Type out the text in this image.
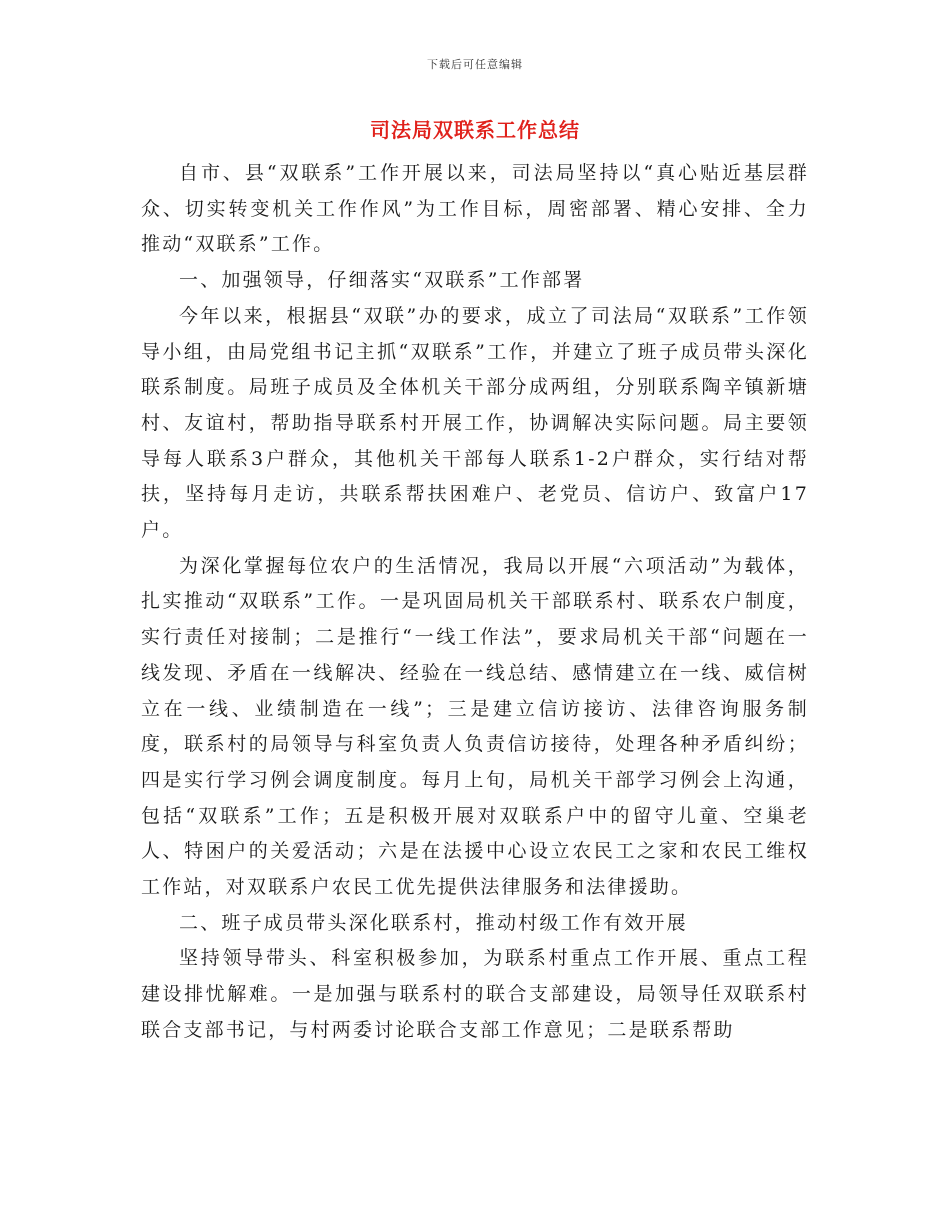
下载后可任意编辑
司法局双联系工作总结

自市、县“双联系”工作开展以来，司法局坚持以“真心贴近基层群众、切实转变机关工作作风”为工作目标，周密部署、精心安排、全力推动“双联系”工作。

一、加强领导，仔细落实“双联系”工作部署

今年以来，根据县“双联”办的要求，成立了司法局“双联系”工作领导小组，由局党组书记主抓“双联系”工作，并建立了班子成员带头深化联系制度。局班子成员及全体机关干部分成两组，分别联系陶辛镇新塘村、友谊村，帮助指导联系村开展工作，协调解决实际问题。局主要领导每人联系3户群众，其他机关干部每人联系1-2户群众，实行结对帮扶，坚持每月走访，共联系帮扶困难户、老党员、信访户、致富户17户。

为深化掌握每位农户的生活情况，我局以开展“六项活动”为载体，扎实推动“双联系”工作。一是巩固局机关干部联系村、联系农户制度，实行责任对接制；二是推行“一线工作法”，要求局机关干部“问题在一线发现、矛盾在一线解决、经验在一线总结、感情建立在一线、威信树立在一线、业绩制造在一线”；三是建立信访接访、法律咨询服务制度，联系村的局领导与科室负责人负责信访接待，处理各种矛盾纠纷；四是实行学习例会调度制度。每月上旬，局机关干部学习例会上沟通，包括“双联系”工作；五是积极开展对双联系户中的留守儿童、空巢老人、特困户的关爱活动；六是在法援中心设立农民工之家和农民工维权工作站，对双联系户农民工优先提供法律服务和法律援助。

二、班子成员带头深化联系村，推动村级工作有效开展

坚持领导带头、科室积极参加，为联系村重点工作开展、重点工程建设排忧解难。一是加强与联系村的联合支部建设，局领导任双联系村联合支部书记，与村两委讨论联合支部工作意见；二是联系帮助
